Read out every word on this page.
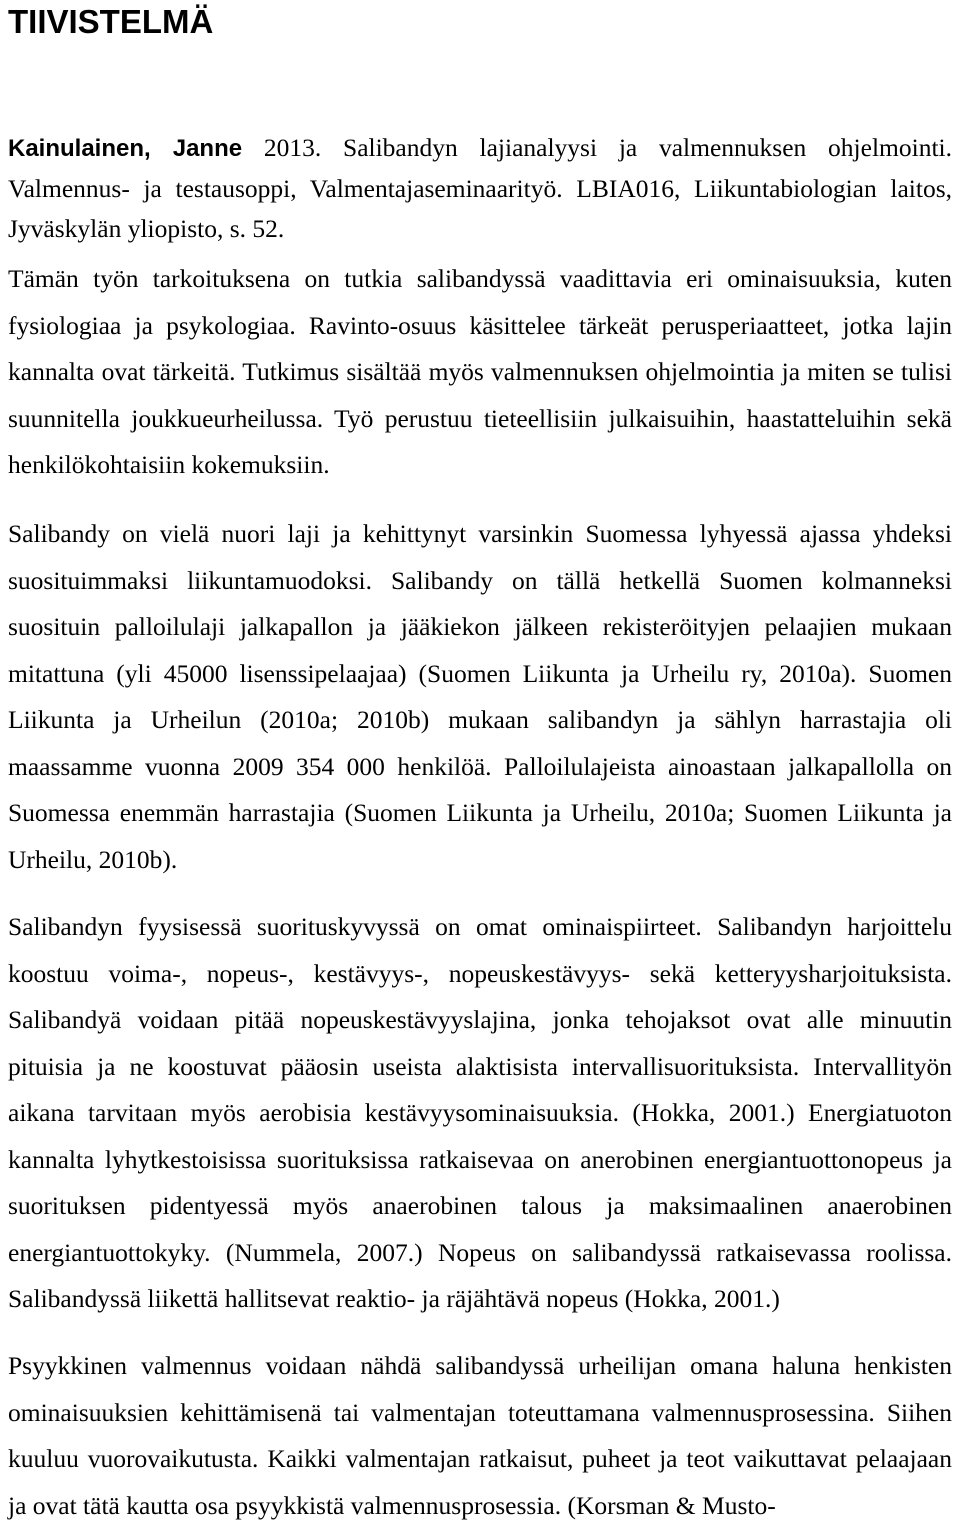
TIIVISTELMÄ

Kainulainen, Janne 2013. Salibandyn lajianalyysi ja valmennuksen ohjelmointi. Valmennus- ja testausoppi, Valmentajaseminaarityö. LBIA016, Liikuntabiologian laitos, Jyväskylän yliopisto, s. 52.

Tämän työn tarkoituksena on tutkia salibandyssä vaadittavia eri ominaisuuksia, kuten fysiologiaa ja psykologiaa. Ravinto-osuus käsittelee tärkeät perusperiaatteet, jotka lajin kannalta ovat tärkeitä. Tutkimus sisältää myös valmennuksen ohjelmointia ja miten se tulisi suunnitella joukkueurheilussa. Työ perustuu tieteellisiin julkaisuihin, haastatteluihin sekä henkilökohtaisiin kokemuksiin.

Salibandy on vielä nuori laji ja kehittynyt varsinkin Suomessa lyhyessä ajassa yhdeksi suosituimmaksi liikuntamuodoksi. Salibandy on tällä hetkellä Suomen kolmanneksi suosituin palloilulaji jalkapallon ja jääkiekon jälkeen rekisteröityjen pelaajien mukaan mitattuna (yli 45000 lisenssipelaajaa) (Suomen Liikunta ja Urheilu ry, 2010a). Suomen Liikunta ja Urheilun (2010a; 2010b) mukaan salibandyn ja sählyn harrastajia oli maassamme vuonna 2009 354 000 henkilöä. Palloilulajeista ainoastaan jalkapallolla on Suomessa enemmän harrastajia (Suomen Liikunta ja Urheilu, 2010a; Suomen Liikunta ja Urheilu, 2010b).

Salibandyn fyysisessä suorituskyvyssä on omat ominaispiirteet. Salibandyn harjoittelu koostuu voima-, nopeus-, kestävyys-, nopeuskestävyys- sekä ketteryysharjoituksista. Salibandyä voidaan pitää nopeuskestävyyslajina, jonka tehojaksot ovat alle minuutin pituisia ja ne koostuvat pääosin useista alaktisista intervallisuorituksista. Intervallityön aikana tarvitaan myös aerobisia kestävyysominaisuuksia. (Hokka, 2001.) Energiatuoton kannalta lyhytkestoisissa suorituksissa ratkaisevaa on anerobinen energiantuottonopeus ja suorituksen pidentyessä myös anaerobinen talous ja maksimaalinen anaerobinen energiantuottokyky. (Nummela, 2007.) Nopeus on salibandyssä ratkaisevassa roolissa. Salibandyssä liikettä hallitsevat reaktio- ja räjähtävä nopeus (Hokka, 2001.)

Psyykkinen valmennus voidaan nähdä salibandyssä urheilijan omana haluna henkisten ominaisuuksien kehittämisenä tai valmentajan toteuttamana valmennusprosessina. Siihen kuuluu vuorovaikutusta. Kaikki valmentajan ratkaisut, puheet ja teot vaikuttavat pelaajaan ja ovat tätä kautta osa psyykkistä valmennusprosessia. (Korsman & Musto-
